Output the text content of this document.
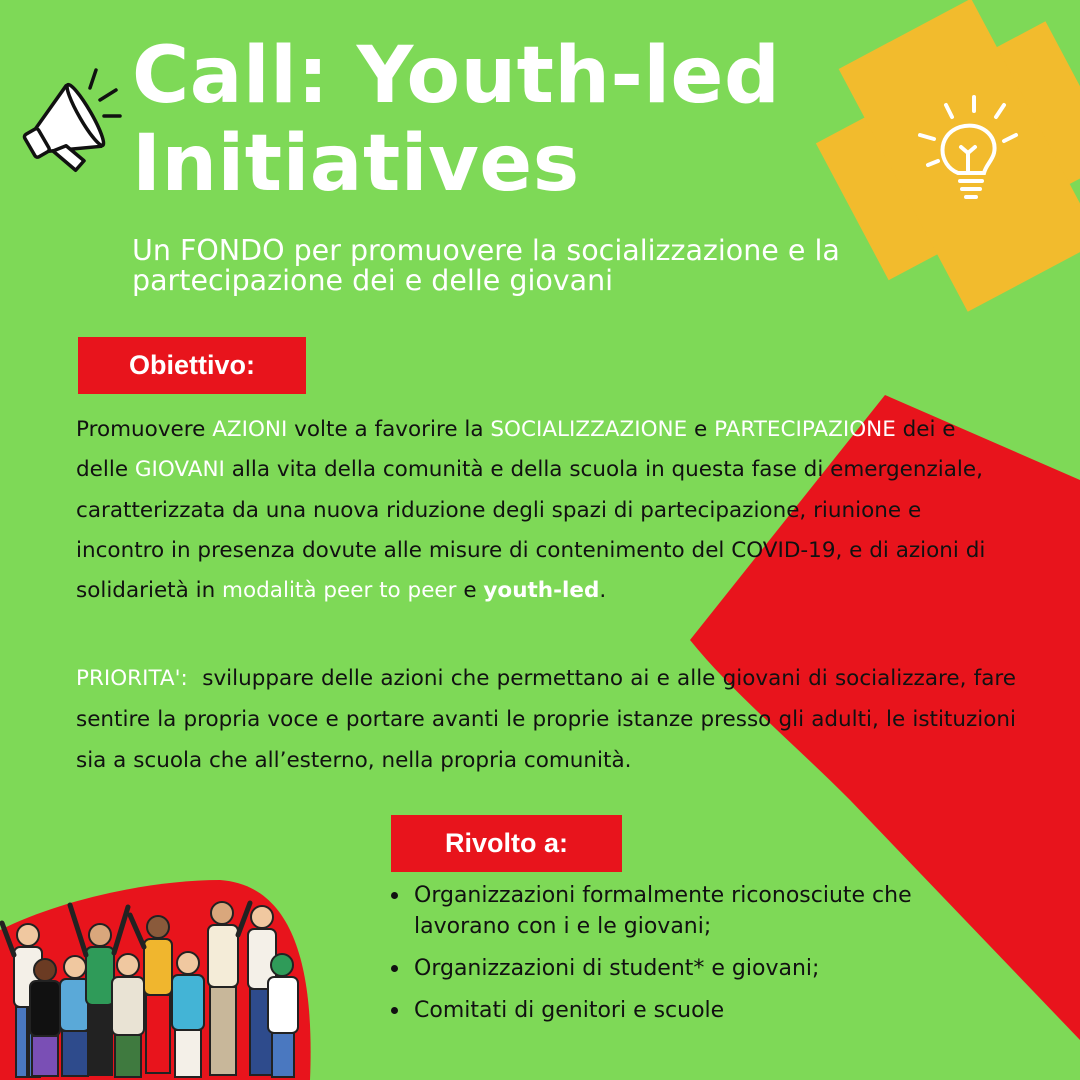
Call: Youth-led
Initiatives

Un FONDO per promuovere la socializzazione e la partecipazione dei e delle giovani

Obiettivo:

Promuovere AZIONI volte a favorire la SOCIALIZZAZIONE e PARTECIPAZIONE dei e delle GIOVANI alla vita della comunità e della scuola in questa fase di emergenziale, caratterizzata da una nuova riduzione degli spazi di partecipazione, riunione e incontro in presenza dovute alle misure di contenimento del COVID-19, e di azioni di solidarietà in modalità peer to peer e youth-led.

PRIORITA': sviluppare delle azioni che permettano ai e alle giovani di socializzare, fare sentire la propria voce e portare avanti le proprie istanze presso gli adulti, le istituzioni sia a scuola che all’esterno, nella propria comunità.

Rivolto a:
Organizzazioni formalmente riconosciute che lavorano con i e le giovani;
Organizzazioni di student* e giovani;
Comitati di genitori e scuole
